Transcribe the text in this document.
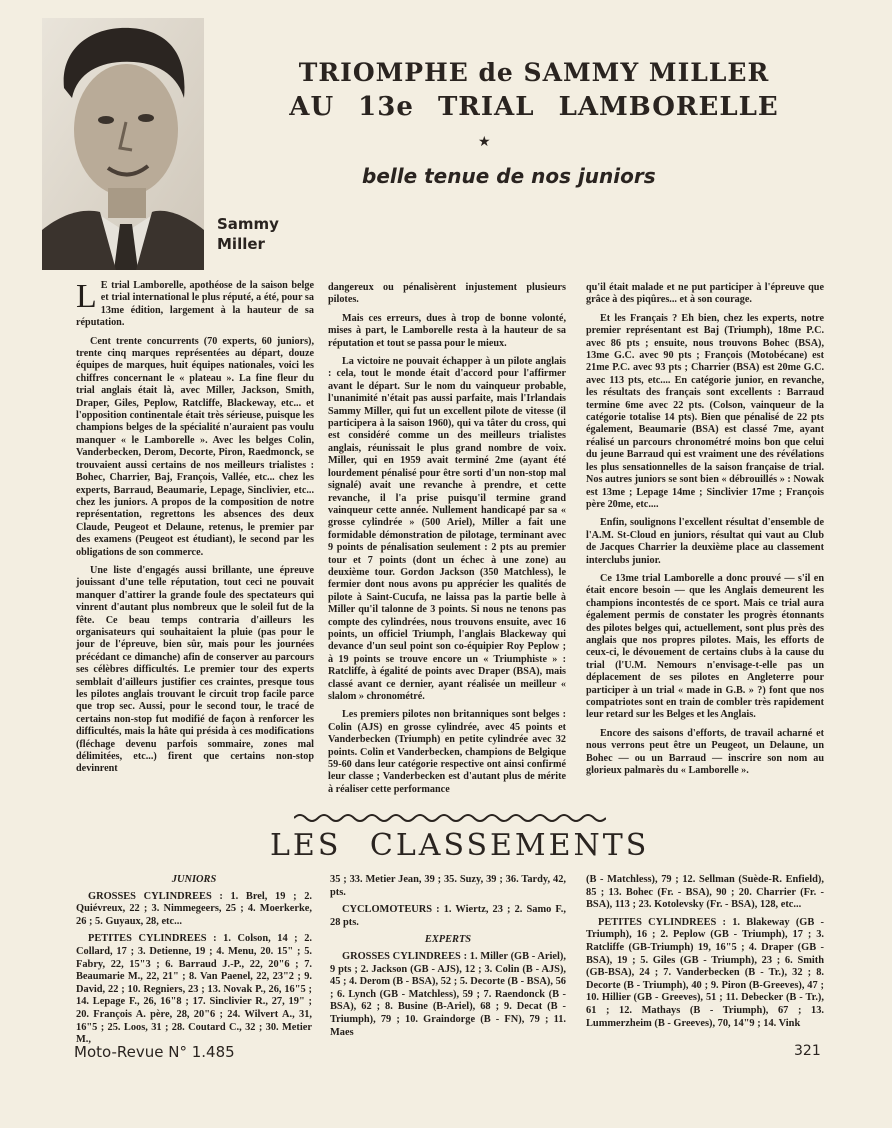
Sammy
Miller
TRIOMPHE de SAMMY MILLER
AU 13e TRIAL LAMBORELLE
★
belle tenue de nos juniors

L E trial Lamborelle, apothéose de la saison belge et trial international le plus réputé, a été, pour sa 13me édition, largement à la hauteur de sa réputation.

Cent trente concurrents (70 experts, 60 juniors), trente cinq marques représentées au départ, douze équipes de marques, huit équipes nationales, voici les chiffres concernant le « plateau ». La fine fleur du trial anglais était là, avec Miller, Jackson, Smith, Draper, Giles, Peplow, Ratcliffe, Blackeway, etc... et l'opposition continentale était très sérieuse, puisque les champions belges de la spécialité n'auraient pas voulu manquer « le Lamborelle ». Avec les belges Colin, Vanderbecken, Derom, Decorte, Piron, Raedmonck, se trouvaient aussi certains de nos meilleurs trialistes : Bohec, Charrier, Baj, François, Vallée, etc... chez les experts, Barraud, Beaumarie, Lepage, Sinclivier, etc... chez les juniors. A propos de la composition de notre représentation, regrettons les absences des deux Claude, Peugeot et Delaune, retenus, le premier par des examens (Peugeot est étudiant), le second par les obligations de son commerce.

Une liste d'engagés aussi brillante, une épreuve jouissant d'une telle réputation, tout ceci ne pouvait manquer d'attirer la grande foule des spectateurs qui vinrent d'autant plus nombreux que le soleil fut de la fête. Ce beau temps contraria d'ailleurs les organisateurs qui souhaitaient la pluie (pas pour le jour de l'épreuve, bien sûr, mais pour les journées précédant ce dimanche) afin de conserver au parcours ses célèbres difficultés. Le premier tour des experts semblait d'ailleurs justifier ces craintes, presque tous les pilotes anglais trouvant le circuit trop facile parce que trop sec. Aussi, pour le second tour, le tracé de certains non-stop fut modifié de façon à renforcer les difficultés, mais la hâte qui présida à ces modifications (fléchage devenu parfois sommaire, zones mal délimitées, etc...) firent que certains non-stop devinrent

dangereux ou pénalisèrent injustement plusieurs pilotes.

Mais ces erreurs, dues à trop de bonne volonté, mises à part, le Lamborelle resta à la hauteur de sa réputation et tout se passa pour le mieux.

La victoire ne pouvait échapper à un pilote anglais : cela, tout le monde était d'accord pour l'affirmer avant le départ. Sur le nom du vainqueur probable, l'unanimité n'était pas aussi parfaite, mais l'Irlandais Sammy Miller, qui fut un excellent pilote de vitesse (il participera à la saison 1960), qui va tâter du cross, qui est considéré comme un des meilleurs trialistes anglais, réunissait le plus grand nombre de voix. Miller, qui en 1959 avait terminé 2me (ayant été lourdement pénalisé pour être sorti d'un non-stop mal signalé) avait une revanche à prendre, et cette revanche, il l'a prise puisqu'il termine grand vainqueur cette année. Nullement handicapé par sa « grosse cylindrée » (500 Ariel), Miller a fait une formidable démonstration de pilotage, terminant avec 9 points de pénalisation seulement : 2 pts au premier tour et 7 points (dont un échec à une zone) au deuxième tour. Gordon Jackson (350 Matchless), le fermier dont nous avons pu apprécier les qualités de pilote à Saint-Cucufa, ne laissa pas la partie belle à Miller qu'il talonne de 3 points. Si nous ne tenons pas compte des cylindrées, nous trouvons ensuite, avec 16 points, un officiel Triumph, l'anglais Blackeway qui devance d'un seul point son co-équipier Roy Peplow ; à 19 points se trouve encore un « Triumphiste » : Ratcliffe, à égalité de points avec Draper (BSA), mais classé avant ce dernier, ayant réalisée un meilleur « slalom » chronométré.

Les premiers pilotes non britanniques sont belges : Colin (AJS) en grosse cylindrée, avec 45 points et Vanderbecken (Triumph) en petite cylindrée avec 32 points. Colin et Vanderbecken, champions de Belgique 59-60 dans leur catégorie respective ont ainsi confirmé leur classe ; Vanderbecken est d'autant plus de mérite à réaliser cette performance

qu'il était malade et ne put participer à l'épreuve que grâce à des piqûres... et à son courage.

Et les Français ? Eh bien, chez les experts, notre premier représentant est Baj (Triumph), 18me P.C. avec 86 pts ; ensuite, nous trouvons Bohec (BSA), 13me G.C. avec 90 pts ; François (Motobécane) est 21me P.C. avec 93 pts ; Charrier (BSA) est 20me G.C. avec 113 pts, etc.... En catégorie junior, en revanche, les résultats des français sont excellents : Barraud termine 6me avec 22 pts. (Colson, vainqueur de la catégorie totalise 14 pts). Bien que pénalisé de 22 pts également, Beaumarie (BSA) est classé 7me, ayant réalisé un parcours chronométré moins bon que celui du jeune Barraud qui est vraiment une des révélations les plus sensationnelles de la saison française de trial. Nos autres juniors se sont bien « débrouillés » : Nowak est 13me ; Lepage 14me ; Sinclivier 17me ; François père 20me, etc....

Enfin, soulignons l'excellent résultat d'ensemble de l'A.M. St-Cloud en juniors, résultat qui vaut au Club de Jacques Charrier la deuxième place au classement interclubs junior.

Ce 13me trial Lamborelle a donc prouvé — s'il en était encore besoin — que les Anglais demeurent les champions incontestés de ce sport. Mais ce trial aura également permis de constater les progrès étonnants des pilotes belges qui, actuellement, sont plus près des anglais que nos propres pilotes. Mais, les efforts de ceux-ci, le dévouement de certains clubs à la cause du trial (l'U.M. Nemours n'envisage-t-elle pas un déplacement de ses pilotes en Angleterre pour participer à un trial « made in G.B. » ?) font que nos compatriotes sont en train de combler très rapidement leur retard sur les Belges et les Anglais.

Encore des saisons d'efforts, de travail acharné et nous verrons peut être un Peugeot, un Delaune, un Bohec — ou un Barraud — inscrire son nom au glorieux palmarès du « Lamborelle ».

LES CLASSEMENTS
JUNIORS

GROSSES CYLINDREES : 1. Brel, 19 ; 2. Quiévreux, 22 ; 3. Nimmegeers, 25 ; 4. Moerkerke, 26 ; 5. Guyaux, 28, etc...

PETITES CYLINDREES : 1. Colson, 14 ; 2. Collard, 17 ; 3. Detienne, 19 ; 4. Menu, 20. 15" ; 5. Fabry, 22, 15"3 ; 6. Barraud J.-P., 22, 20"6 ; 7. Beaumarie M., 22, 21" ; 8. Van Paenel, 22, 23"2 ; 9. David, 22 ; 10. Regniers, 23 ; 13. Novak P., 26, 16"5 ; 14. Lepage F., 26, 16"8 ; 17. Sinclivier R., 27, 19" ; 20. François A. père, 28, 20"6 ; 24. Wilvert A., 31, 16"5 ; 25. Loos, 31 ; 28. Coutard C., 32 ; 30. Metier M.,

35 ; 33. Metier Jean, 39 ; 35. Suzy, 39 ; 36. Tardy, 42, pts.

CYCLOMOTEURS : 1. Wiertz, 23 ; 2. Samo F., 28 pts.

EXPERTS

GROSSES CYLINDREES : 1. Miller (GB - Ariel), 9 pts ; 2. Jackson (GB - AJS), 12 ; 3. Colin (B - AJS), 45 ; 4. Derom (B - BSA), 52 ; 5. Decorte (B - BSA), 56 ; 6. Lynch (GB - Matchless), 59 ; 7. Raendonck (B - BSA), 62 ; 8. Busine (B-Ariel), 68 ; 9. Decat (B - Triumph), 79 ; 10. Graindorge (B - FN), 79 ; 11. Maes

(B - Matchless), 79 ; 12. Sellman (Suède-R. Enfield), 85 ; 13. Bohec (Fr. - BSA), 90 ; 20. Charrier (Fr. - BSA), 113 ; 23. Kotolevsky (Fr. - BSA), 128, etc...

PETITES CYLINDREES : 1. Blakeway (GB - Triumph), 16 ; 2. Peplow (GB - Triumph), 17 ; 3. Ratcliffe (GB-Triumph) 19, 16"5 ; 4. Draper (GB - BSA), 19 ; 5. Giles (GB - Triumph), 23 ; 6. Smith (GB-BSA), 24 ; 7. Vanderbecken (B - Tr.), 32 ; 8. Decorte (B - Triumph), 40 ; 9. Piron (B-Greeves), 47 ; 10. Hillier (GB - Greeves), 51 ; 11. Debecker (B - Tr.), 61 ; 12. Mathays (B - Triumph), 67 ; 13. Lummerzheim (B - Greeves), 70, 14"9 ; 14. Vink

Moto-Revue N° 1.485	321
